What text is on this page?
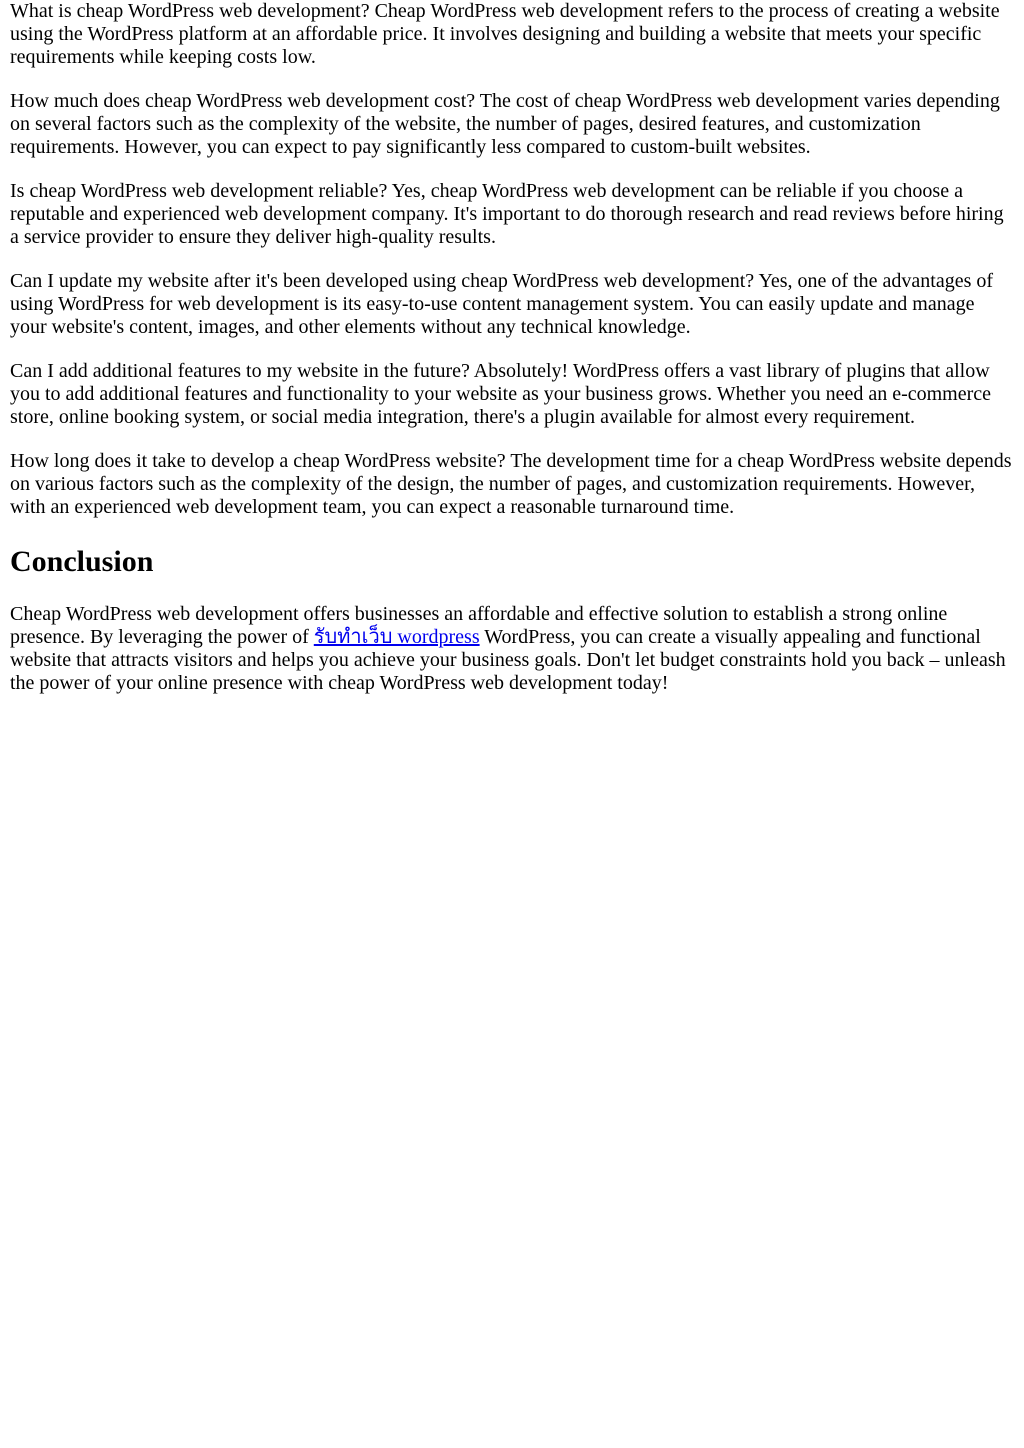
What is cheap WordPress web development? Cheap WordPress web development refers to the process of creating a website using the WordPress platform at an affordable price. It involves designing and building a website that meets your specific requirements while keeping costs low.

How much does cheap WordPress web development cost? The cost of cheap WordPress web development varies depending on several factors such as the complexity of the website, the number of pages, desired features, and customization requirements. However, you can expect to pay significantly less compared to custom-built websites.

Is cheap WordPress web development reliable? Yes, cheap WordPress web development can be reliable if you choose a reputable and experienced web development company. It's important to do thorough research and read reviews before hiring a service provider to ensure they deliver high-quality results.

Can I update my website after it's been developed using cheap WordPress web development? Yes, one of the advantages of using WordPress for web development is its easy-to-use content management system. You can easily update and manage your website's content, images, and other elements without any technical knowledge.

Can I add additional features to my website in the future? Absolutely! WordPress offers a vast library of plugins that allow you to add additional features and functionality to your website as your business grows. Whether you need an e-commerce store, online booking system, or social media integration, there's a plugin available for almost every requirement.

How long does it take to develop a cheap WordPress website? The development time for a cheap WordPress website depends on various factors such as the complexity of the design, the number of pages, and customization requirements. However, with an experienced web development team, you can expect a reasonable turnaround time.

Conclusion

Cheap WordPress web development offers businesses an affordable and effective solution to establish a strong online presence. By leveraging the power of รับทำเว็บ wordpress WordPress, you can create a visually appealing and functional website that attracts visitors and helps you achieve your business goals. Don't let budget constraints hold you back – unleash the power of your online presence with cheap WordPress web development today!
